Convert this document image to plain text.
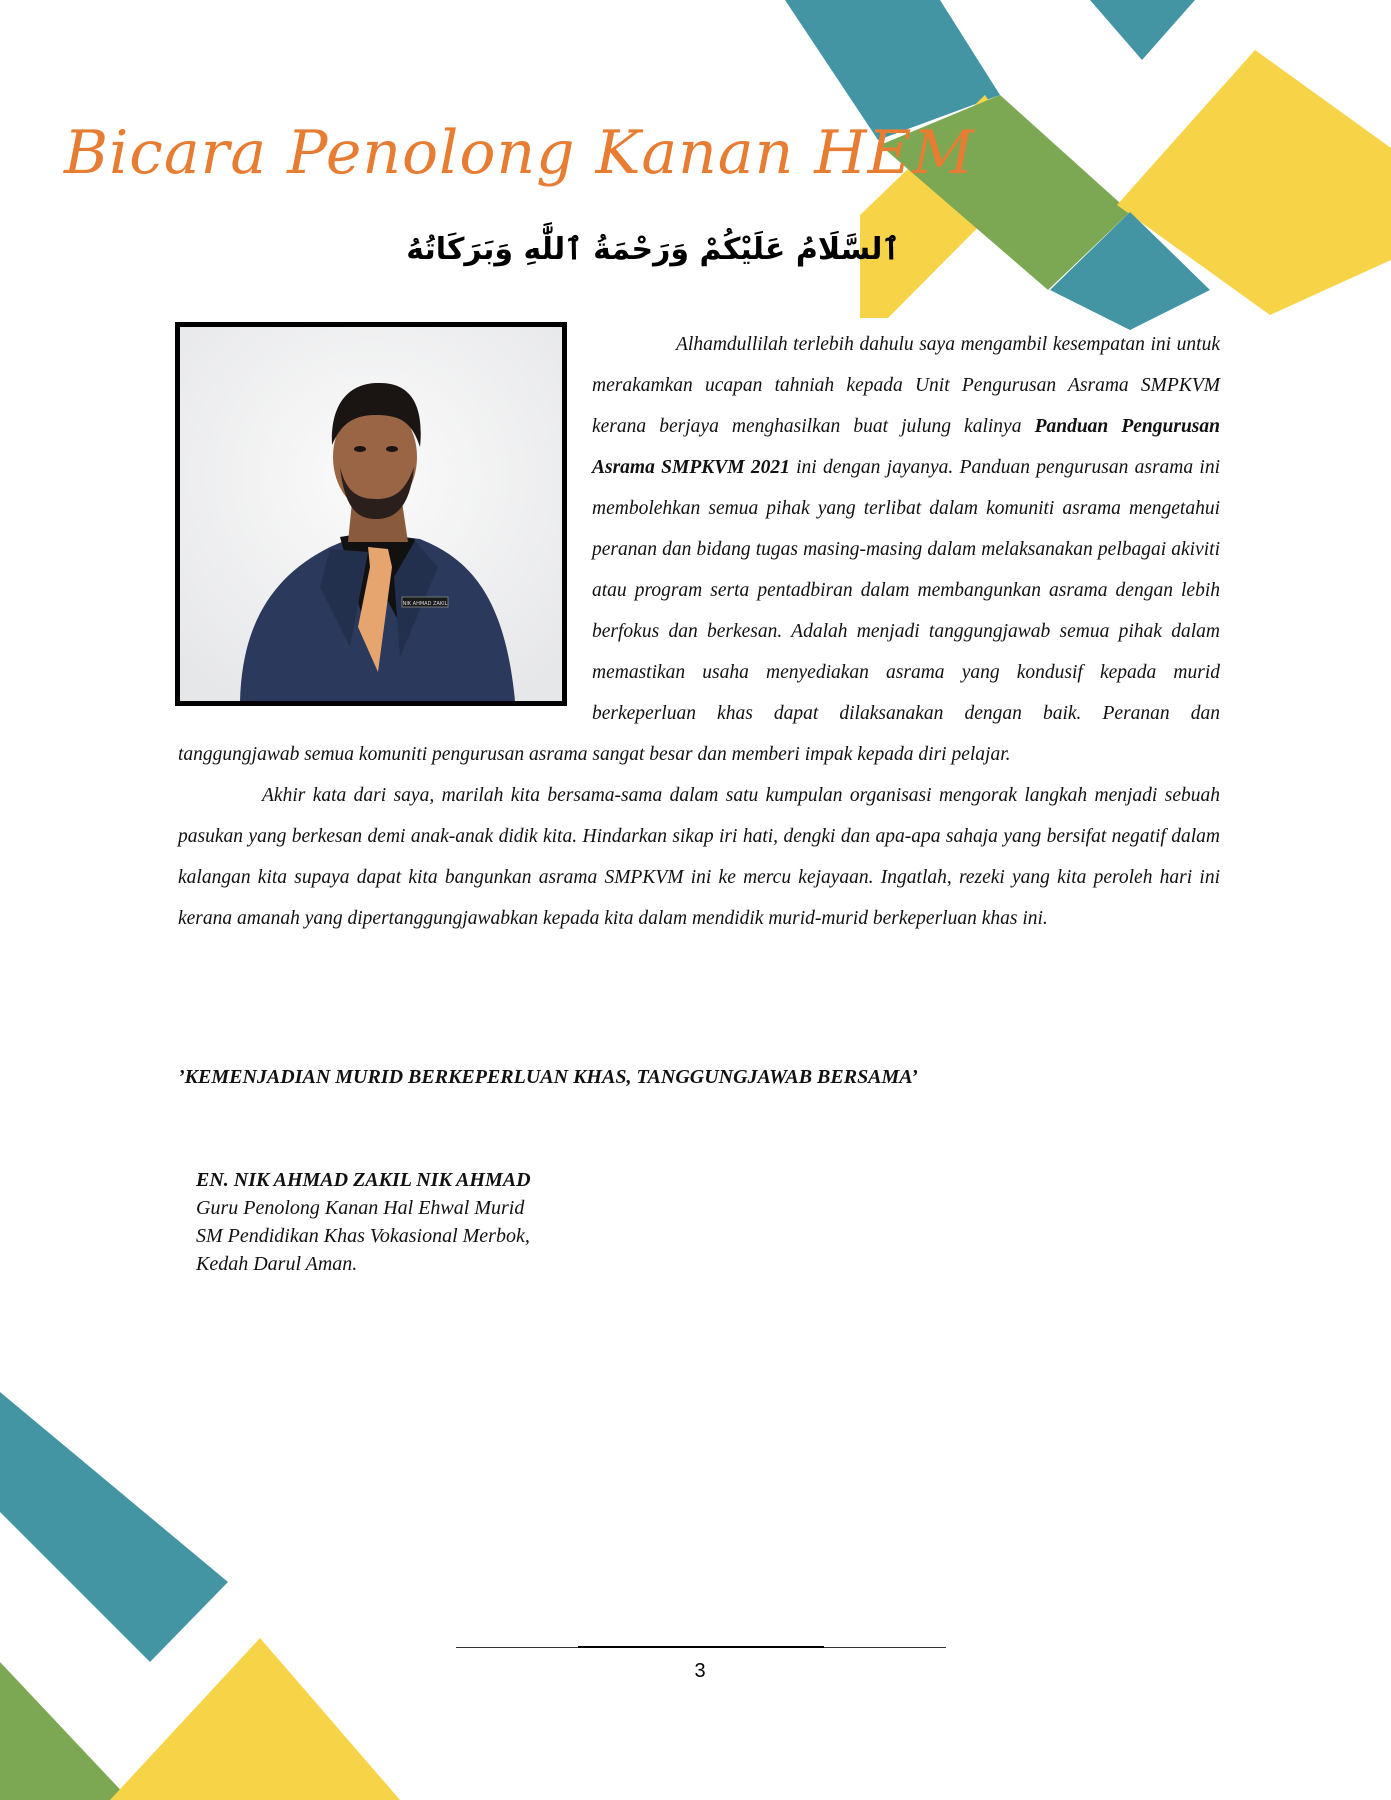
Bicara Penolong Kanan HEM
ٱلسَّلَامُ عَلَيْكُمْ وَرَحْمَةُ ٱللَّٰهِ وَبَرَكَاتُهُ
NIK AHMAD ZAKIL

Alhamdullilah terlebih dahulu saya mengambil kesempatan ini untuk merakamkan ucapan tahniah kepada Unit Pengurusan Asrama SMPKVM kerana berjaya menghasilkan buat julung kalinya Panduan Pengurusan Asrama SMPKVM 2021 ini dengan jayanya. Panduan pengurusan asrama ini membolehkan semua pihak yang terlibat dalam komuniti asrama mengetahui peranan dan bidang tugas masing-masing dalam melaksanakan pelbagai akiviti atau program serta pentadbiran dalam membangunkan asrama dengan lebih berfokus dan berkesan. Adalah menjadi tanggungjawab semua pihak dalam memastikan usaha menyediakan asrama yang kondusif kepada murid berkeperluan khas dapat dilaksanakan dengan baik. Peranan dan tanggungjawab semua komuniti pengurusan asrama sangat besar dan memberi impak kepada diri pelajar.

Akhir kata dari saya, marilah kita bersama-sama dalam satu kumpulan organisasi mengorak langkah menjadi sebuah pasukan yang berkesan demi anak-anak didik kita. Hindarkan sikap iri hati, dengki dan apa-apa sahaja yang bersifat negatif dalam kalangan kita supaya dapat kita bangunkan asrama SMPKVM ini ke mercu kejayaan. Ingatlah, rezeki yang kita peroleh hari ini kerana amanah yang dipertanggungjawabkan kepada kita dalam mendidik murid-murid berkeperluan khas ini.

’KEMENJADIAN MURID BERKEPERLUAN KHAS, TANGGUNGJAWAB BERSAMA’

EN. NIK AHMAD ZAKIL NIK AHMAD
Guru Penolong Kanan Hal Ehwal Murid
SM Pendidikan Khas Vokasional Merbok,
Kedah Darul Aman.
3
